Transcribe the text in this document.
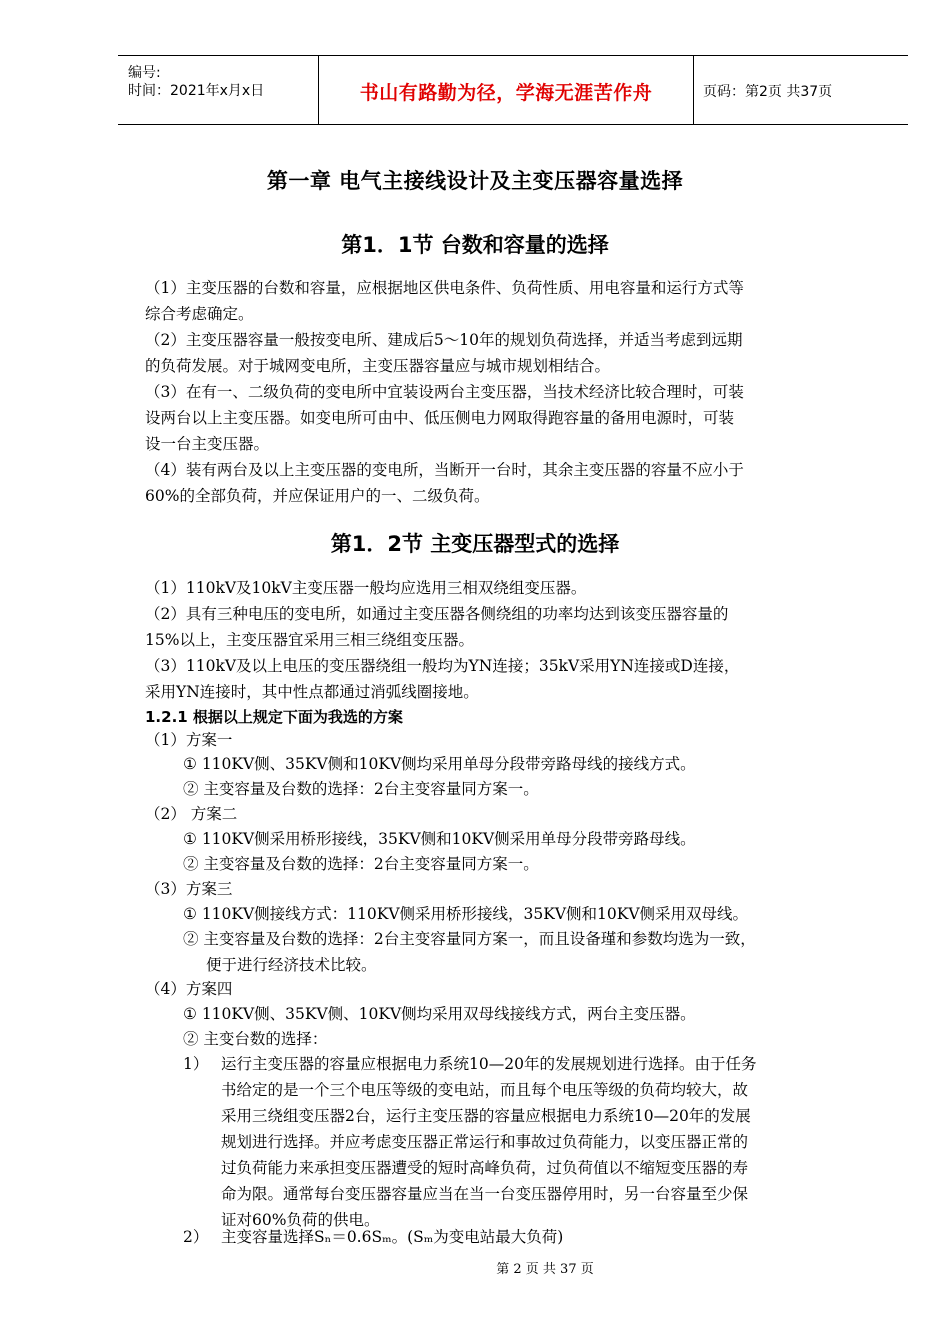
编号:
时间：2021年x月x日	书山有路勤为径，学海无涯苦作舟	页码：第2页 共37页
第一章 电气主接线设计及主变压器容量选择
第1．1节 台数和容量的选择
（1）主变压器的台数和容量，应根据地区供电条件、负荷性质、用电容量和运行方式等
综合考虑确定。
（2）主变压器容量一般按变电所、建成后5～10年的规划负荷选择，并适当考虑到远期
的负荷发展。对于城网变电所，主变压器容量应与城市规划相结合。
（3）在有一、二级负荷的变电所中宜装设两台主变压器，当技术经济比较合理时，可装
设两台以上主变压器。如变电所可由中、低压侧电力网取得跑容量的备用电源时，可装
设一台主变压器。
（4）装有两台及以上主变压器的变电所，当断开一台时，其余主变压器的容量不应小于
60%的全部负荷，并应保证用户的一、二级负荷。
第1．2节 主变压器型式的选择
（1）110kV及10kV主变压器一般均应选用三相双绕组变压器。
（2）具有三种电压的变电所，如通过主变压器各侧绕组的功率均达到该变压器容量的
15%以上，主变压器宜采用三相三绕组变压器。
（3）110kV及以上电压的变压器绕组一般均为YN连接；35kV采用YN连接或D连接，
采用YN连接时，其中性点都通过消弧线圈接地。
1.2.1 根据以上规定下面为我选的方案
（1）方案一
① 110KV侧、35KV侧和10KV侧均采用单母分段带旁路母线的接线方式。
② 主变容量及台数的选择：2台主变容量同方案一。
（2） 方案二
① 110KV侧采用桥形接线，35KV侧和10KV侧采用单母分段带旁路母线。
② 主变容量及台数的选择：2台主变容量同方案一。
（3）方案三
① 110KV侧接线方式：110KV侧采用桥形接线，35KV侧和10KV侧采用双母线。
② 主变容量及台数的选择：2台主变容量同方案一，而且设备瑾和参数均选为一致，
便于进行经济技术比较。
（4）方案四
① 110KV侧、35KV侧、10KV侧均采用双母线接线方式，两台主变压器。
② 主变台数的选择：
1） 运行主变压器的容量应根据电力系统10—20年的发展规划进行选择。由于任务
书给定的是一个三个电压等级的变电站，而且每个电压等级的负荷均较大，故
采用三绕组变压器2台，运行主变压器的容量应根据电力系统10—20年的发展
规划进行选择。并应考虑变压器正常运行和事故过负荷能力，以变压器正常的
过负荷能力来承担变压器遭受的短时高峰负荷，过负荷值以不缩短变压器的寿
命为限。通常每台变压器容量应当在当一台变压器停用时，另一台容量至少保
证对60%负荷的供电。
2） 主变容量选择Sₙ＝0.6Sₘ。(Sₘ为变电站最大负荷)
第 2 页 共 37 页
